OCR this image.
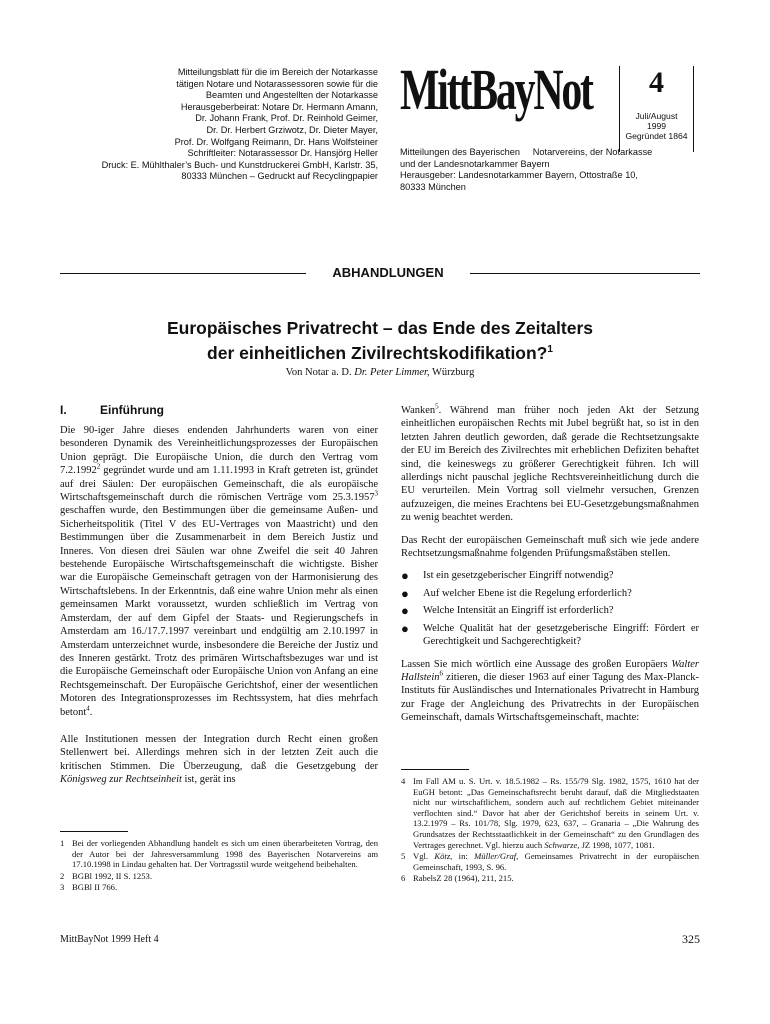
Mitteilungsblatt für die im Bereich der Notarkasse
tätigen Notare und Notarassessoren sowie für die
Beamten und Angestellten der Notarkasse
Herausgeberbeirat: Notare Dr. Hermann Amann,
Dr. Johann Frank, Prof. Dr. Reinhold Geimer,
Dr. Dr. Herbert Grziwotz, Dr. Dieter Mayer,
Prof. Dr. Wolfgang Reimann, Dr. Hans Wolfsteiner
Schriftleiter: Notarassessor Dr. Hansjörg Heller
Druck: E. Mühlthaler’s Buch- und Kunstdruckerei GmbH, Karlstr. 35,
80333 München – Gedruckt auf Recyclingpapier
MittBayNot	4
Juli/August
1999
Gegründet 1864
Mitteilungen des Bayerischen     Notarvereins, der Notarkasse
und der Landesnotarkammer Bayern
Herausgeber: Landesnotarkammer Bayern, Ottostraße 10,
80333 München
ABHANDLUNGEN
Europäisches Privatrecht – das Ende des Zeitalters
der einheitlichen Zivilrechtskodifikation?$^1$
Von Notar a. D. Dr. Peter Limmer, Würzburg
I.	Einführung

Die 90-iger Jahre dieses endenden Jahrhunderts waren von einer besonderen Dynamik des Vereinheitlichungsprozesses der Europäischen Union geprägt. Die Europäische Union, die durch den Vertrag vom 7.2.1992$^2$ gegründet wurde und am 1.11.1993 in Kraft getreten ist, gründet auf drei Säulen: Der europäischen Gemeinschaft, die als europäische Wirtschaftsgemeinschaft durch die römischen Verträge vom 25.3.1957$^3$ geschaffen wurde, den Bestimmungen über die gemeinsame Außen- und Sicherheitspolitik (Titel V des EU-Vertrages von Maastricht) und den Bestimmungen über die Zusammenarbeit in dem Bereich Justiz und Inneres. Von diesen drei Säulen war ohne Zweifel die seit 40 Jahren bestehende Europäische Wirtschaftsgemeinschaft die wichtigste. Bisher war die Europäische Gemeinschaft getragen von der Harmonisierung des Wirtschaftslebens. In der Erkenntnis, daß eine wahre Union mehr als einen gemeinsamen Markt voraussetzt, wurden schließlich im Vertrag von Amsterdam, der auf dem Gipfel der Staats- und Regierungschefs in Amsterdam am 16./17.7.1997 vereinbart und endgültig am 2.10.1997 in Amsterdam unterzeichnet wurde, insbesondere die Bereiche der Justiz und des Inneren gestärkt. Trotz des primären Wirtschaftsbezuges war und ist die Europäische Gemeinschaft oder Europäische Union von Anfang an eine Rechtsgemeinschaft. Der Europäische Gerichtshof, einer der wesentlichen Motoren des Integrationsprozesses im Rechtssystem, hat dies mehrfach betont$^4$.

Alle Institutionen messen der Integration durch Recht einen großen Stellenwert bei. Allerdings mehren sich in der letzten Zeit auch die kritischen Stimmen. Die Überzeugung, daß die Gesetzgebung der Königsweg zur Rechtseinheit ist, gerät ins

1 Bei der vorliegenden Abhandlung handelt es sich um einen überarbeiteten Vortrag, den der Autor bei der Jahresversammlung 1998 des Bayerischen Notarvereins am 17.10.1998 in Lindau gehalten hat. Der Vortragsstil wurde weitgehend beibehalten.
2 BGBl 1992, II S. 1253.
3 BGBl II 766.

Wanken$^5$. Während man früher noch jeden Akt der Setzung einheitlichen europäischen Rechts mit Jubel begrüßt hat, so ist in den letzten Jahren deutlich geworden, daß gerade die Rechtsetzungsakte der EU im Bereich des Zivilrechtes mit erheblichen Defiziten behaftet sind, die keineswegs zu größerer Gerechtigkeit führen. Ich will allerdings nicht pauschal jegliche Rechtsvereinheitlichung durch die EU verurteilen. Mein Vortrag soll vielmehr versuchen, Grenzen aufzuzeigen, die meines Erachtens bei EU-Gesetzgebungsmaßnahmen zu wenig beachtet werden.

Das Recht der europäischen Gemeinschaft muß sich wie jede andere Rechtsetzungsmaßnahme folgenden Prüfungsmaßstäben stellen.

● Ist ein gesetzgeberischer Eingriff notwendig?
● Auf welcher Ebene ist die Regelung erforderlich?
● Welche Intensität an Eingriff ist erforderlich?
● Welche Qualität hat der gesetzgeberische Eingriff: Fördert er Gerechtigkeit und Sachgerechtigkeit?

Lassen Sie mich wörtlich eine Aussage des großen Europäers Walter Hallstein$^6$ zitieren, die dieser 1963 auf einer Tagung des Max-Planck-Instituts für Ausländisches und Internationales Privatrecht in Hamburg zur Frage der Angleichung des Privatrechts in der Europäischen Gemeinschaft, damals Wirtschaftsgemeinschaft, machte:

4 Im Fall AM u. S. Urt. v. 18.5.1982 – Rs. 155/79 Slg. 1982, 1575, 1610 hat der EuGH betont: „Das Gemeinschaftsrecht beruht darauf, daß die Mitgliedstaaten nicht nur wirtschaftlichem, sondern auch auf rechtlichem Gebiet miteinander verflochten sind.“ Davor hat aber der Gerichtshof bereits in seinem Urt. v. 13.2.1979 – Rs. 101/78, Slg. 1979, 623, 637, – Granaria – „Die Wahrung des Grundsatzes der Rechtsstaatlichkeit in der Gemeinschaft“ zu den Grundlagen des Vertrages gerechnet. Vgl. hierzu auch Schwarze, JZ 1998, 1077, 1081.
5 Vgl. Kötz, in: Müller/Graf, Gemeinsames Privatrecht in der europäischen Gemeinschaft, 1993, S. 96.
6 RabelsZ 28 (1964), 211, 215.
MittBayNot 1999 Heft 4	325
